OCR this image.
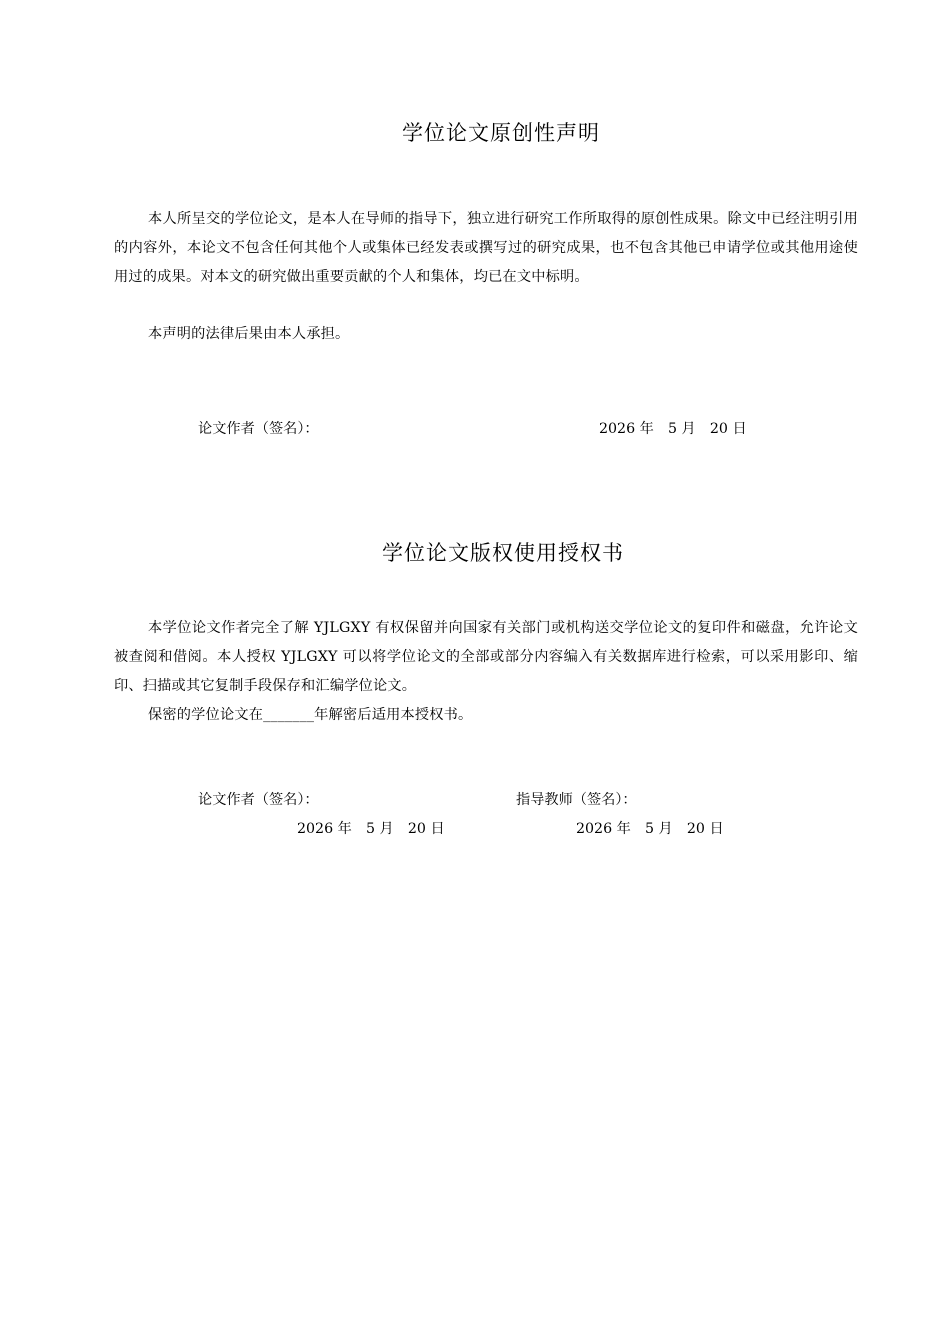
学位论文原创性声明

本人所呈交的学位论文，是本人在导师的指导下，独立进行研究工作所取得的原创性成果。除文中已经注明引用的内容外，本论文不包含任何其他个人或集体已经发表或撰写过的研究成果，也不包含其他已申请学位或其他用途使用过的成果。对本文的研究做出重要贡献的个人和集体，均已在文中标明。

本声明的法律后果由本人承担。

论文作者（签名）：	2026 年　5 月　20 日
学位论文版权使用授权书

本学位论文作者完全了解 YJLGXY 有权保留并向国家有关部门或机构送交学位论文的复印件和磁盘，允许论文被查阅和借阅。本人授权 YJLGXY 可以将学位论文的全部或部分内容编入有关数据库进行检索，可以采用影印、缩印、扫描或其它复制手段保存和汇编学位论文。

保密的学位论文在_______年解密后适用本授权书。

论文作者（签名）：	指导教师（签名）：
2026 年　5 月　20 日	2026 年　5 月　20 日
